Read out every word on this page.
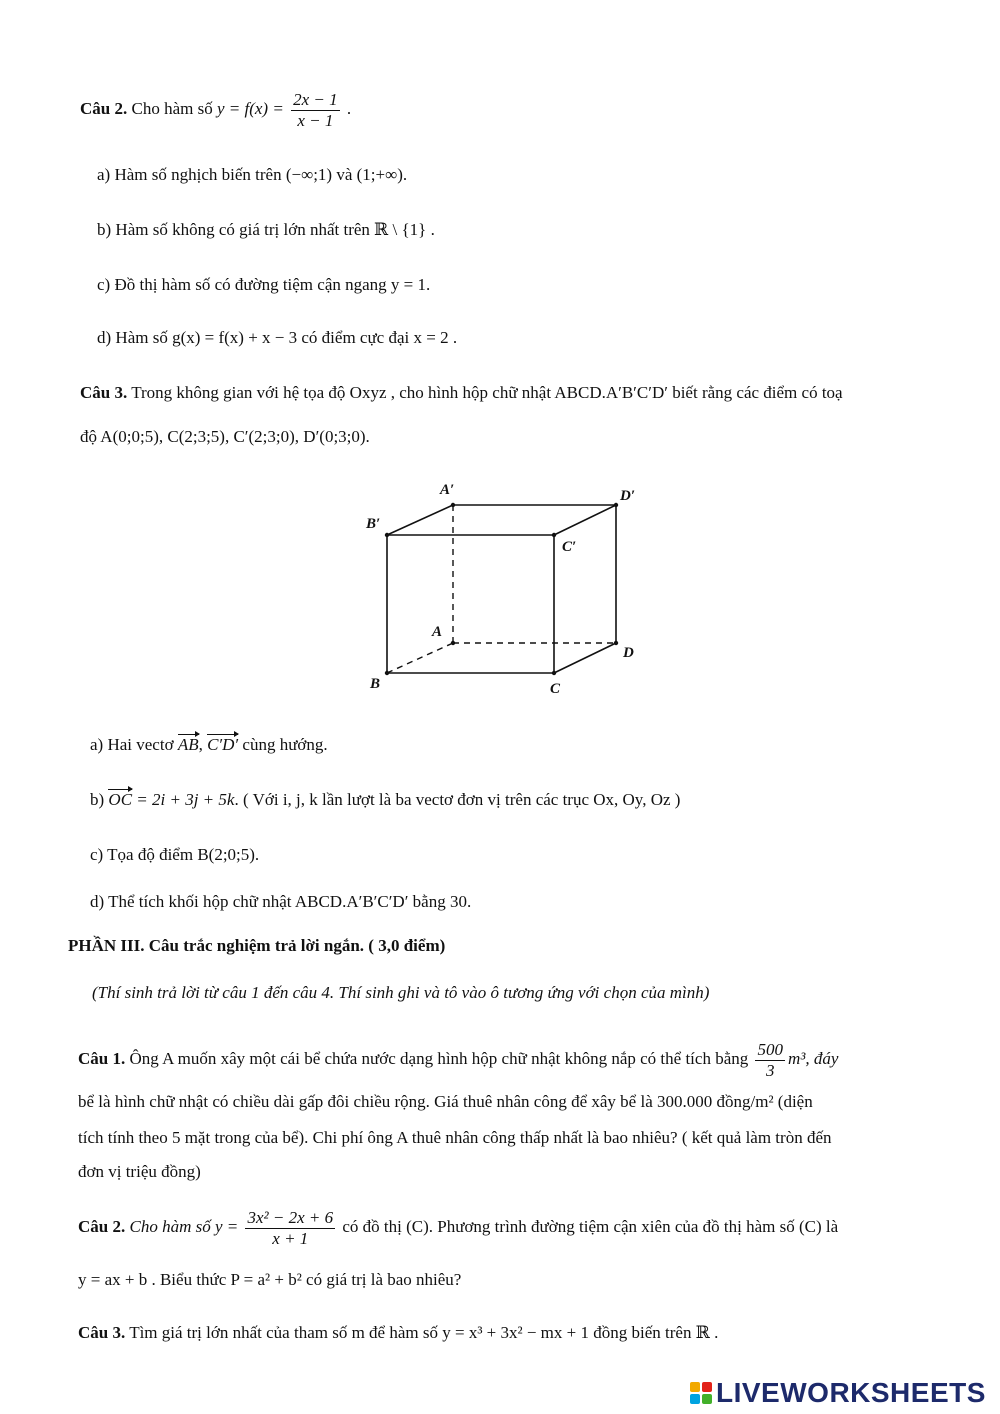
Câu 2. Cho hàm số $y = f(x) = \frac{2x - 1}{x - 1}$ .
a) Hàm số nghịch biến trên (−∞;1) và (1;+∞).
b) Hàm số không có giá trị lớn nhất trên ℝ \ {1} .
c) Đồ thị hàm số có đường tiệm cận ngang y = 1.
d) Hàm số g(x) = f(x) + x − 3 có điểm cực đại x = 2 .
Câu 3. Trong không gian với hệ tọa độ Oxyz , cho hình hộp chữ nhật ABCD.A′B′C′D′ biết rằng các điểm có toạ
độ A(0;0;5), C(2;3;5), C′(2;3;0), D′(0;3;0).
A′	D′
B′
C′
A
D
B	C
a) Hai vectơ AB, C′D′ cùng hướng.
b) OC = 2i + 3j + 5k. ( Với i, j, k lần lượt là ba vectơ đơn vị trên các trục Ox, Oy, Oz )
c) Tọa độ điểm B(2;0;5).
d) Thể tích khối hộp chữ nhật ABCD.A′B′C′D′ bằng 30.
PHẦN III. Câu trắc nghiệm trả lời ngắn. ( 3,0 điểm)
(Thí sinh trả lời từ câu 1 đến câu 4. Thí sinh ghi và tô vào ô tương ứng với chọn của mình)
Câu 1. Ông A muốn xây một cái bể chứa nước dạng hình hộp chữ nhật không nắp có thể tích bằng $\frac{500}{3} m^3$, đáy
bể là hình chữ nhật có chiều dài gấp đôi chiều rộng. Giá thuê nhân công để xây bể là 300.000 đồng/m² (diện
tích tính theo 5 mặt trong của bể). Chi phí ông A thuê nhân công thấp nhất là bao nhiêu? ( kết quả làm tròn đến
đơn vị triệu đồng)
Câu 2. Cho hàm số $y = \frac{\text{3x² − 2x + 6}}{x + 1}$ có đồ thị (C). Phương trình đường tiệm cận xiên của đồ thị hàm số (C) là
y = ax + b . Biểu thức P = a² + b² có giá trị là bao nhiêu?
Câu 3. Tìm giá trị lớn nhất của tham số m để hàm số y = x³ + 3x² − mx + 1 đồng biến trên ℝ .
LIVEWORKSHEETS
